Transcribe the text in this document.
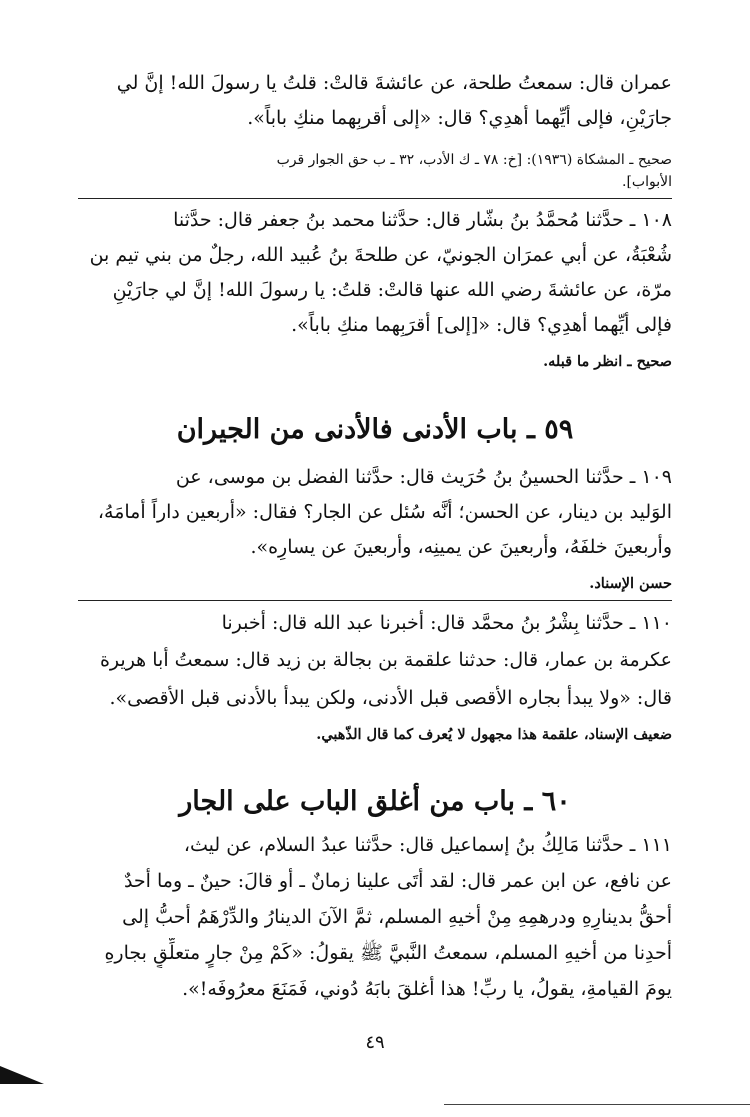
عمران قال: سمعتُ طلحة، عن عائشةَ قالتْ: قلتُ يا رسولَ الله! إنَّ لي
جارَيْنِ، فإلى أيِّهما أهدِي؟ قال: «إلى أقربِهما منكِ باباً».
صحيح ـ المشكاة (١٩٣٦): [خ: ٧٨ ـ ك الأدب، ٣٢ ـ ب حق الجوار قرب
الأبواب].
١٠٨ ـ حدَّثنا مُحمَّدُ بنُ بشّار قال: حدَّثنا محمد بنُ جعفر قال: حدَّثنا
شُعْبَةُ، عن أبي عمرَان الجونيّ، عن طلحةَ بنُ عُبيد الله، رجلٌ من بني تيم بن
مرّة، عن عائشةَ رضي الله عنها قالتْ: قلتُ: يا رسولَ الله! إنَّ لي جارَيْنِ
فإلى أيِّهما أهدِي؟ قال: «[إلى] أقرَبِهما منكِ باباً».
صحيح ـ انظر ما قبله.
٥٩ ـ باب الأدنى فالأدنى من الجيران
١٠٩ ـ حدَّثنا الحسينُ بنُ حُرَيث قال: حدَّثنا الفضل بن موسى، عن
الوَليد بن دينار، عن الحسن؛ أنَّه سُئل عن الجار؟ فقال: «أربعين داراً أمامَهُ،
وأربعينَ خلفَهُ، وأربعينَ عن يمينِه، وأربعينَ عن يسارِه».
حسن الإسناد.
١١٠ ـ حدَّثنا بِشْرُ بنُ محمَّد قال: أخبرنا عبد الله قال: أخبرنا
عكرمة بن عمار، قال: حدثنا علقمة بن بجالة بن زيد قال: سمعتُ أبا هريرة
قال: «ولا يبدأ بجاره الأقصى قبل الأدنى، ولكن يبدأ بالأدنى قبل الأقصى».
ضعيف الإسناد، علقمة هذا مجهول لا يُعرف كما قال الذّهبي.
٦٠ ـ باب من أغلق الباب على الجار
١١١ ـ حدَّثنا مَالِكُ بنُ إسماعيل قال: حدَّثنا عبدُ السلام، عن ليث،
عن نافع، عن ابن عمر قال: لقد أتَى علينا زمانٌ ـ أو قالَ: حينٌ ـ وما أحدٌ
أحقُّ بدينارِهِ ودرهمِهِ مِنْ أخيهِ المسلم، ثمَّ الآنَ الدينارُ والدِّرْهَمُ أحبُّ إلى
أحدِنا من أخيهِ المسلم، سمعتُ النَّبيَّ ﷺ يقولُ: «كَمْ مِنْ جارٍ متعلِّقٍ بجارهِ
يومَ القيامةِ، يقولُ، يا ربِّ! هذا أغلقَ بابَهُ دُوني، فَمَنَعَ معرُوفَه!».
٤٩
